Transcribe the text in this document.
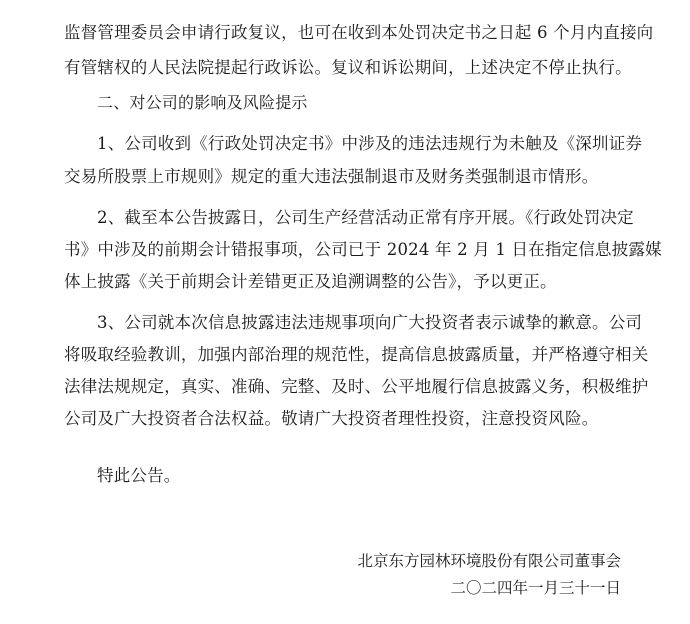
监督管理委员会申请行政复议，也可在收到本处罚决定书之日起 6 个月内直接向
有管辖权的人民法院提起行政诉讼。复议和诉讼期间，上述决定不停止执行。
二、对公司的影响及风险提示
1、公司收到《行政处罚决定书》中涉及的违法违规行为未触及《深圳证券
交易所股票上市规则》规定的重大违法强制退市及财务类强制退市情形。
2、截至本公告披露日，公司生产经营活动正常有序开展。《行政处罚决定
书》中涉及的前期会计错报事项，公司已于 2024 年 2 月 1 日在指定信息披露媒
体上披露《关于前期会计差错更正及追溯调整的公告》，予以更正。
3、公司就本次信息披露违法违规事项向广大投资者表示诚挚的歉意。公司
将吸取经验教训，加强内部治理的规范性，提高信息披露质量，并严格遵守相关
法律法规规定，真实、准确、完整、及时、公平地履行信息披露义务，积极维护
公司及广大投资者合法权益。敬请广大投资者理性投资，注意投资风险。
特此公告。
北京东方园林环境股份有限公司董事会
二〇二四年一月三十一日
